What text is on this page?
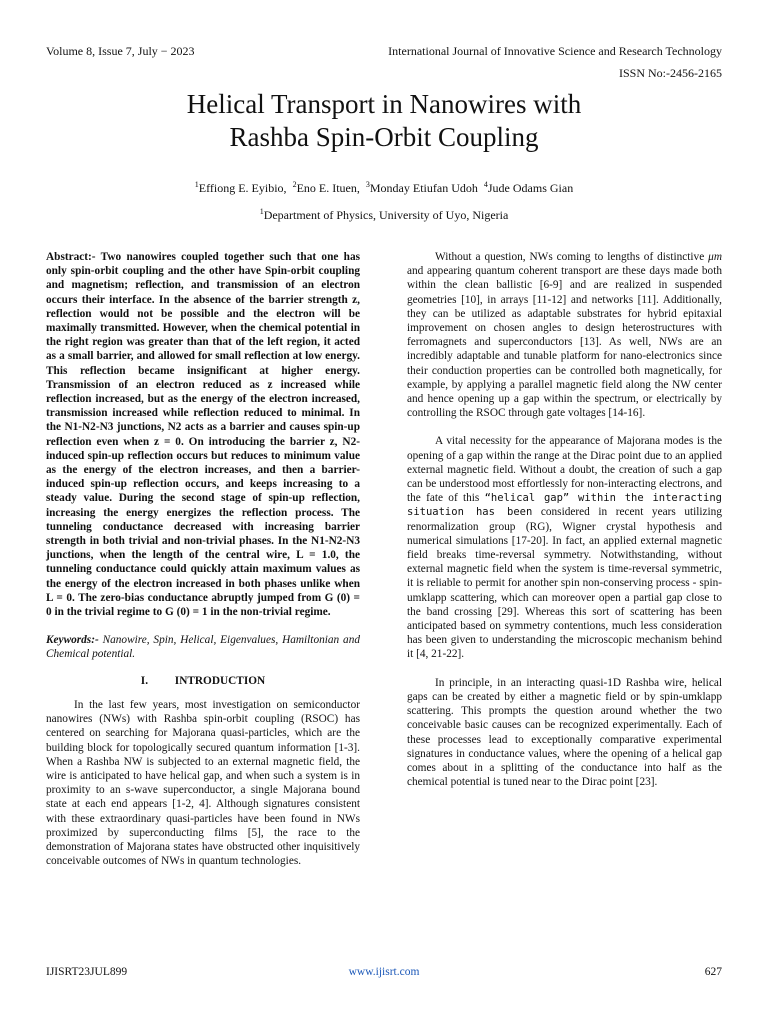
Volume 8, Issue 7, July − 2023	International Journal of Innovative Science and Research Technology
ISSN No:-2456-2165
Helical Transport in Nanowires with
Rashba Spin-Orbit Coupling
$^1$Effiong E. Eyibio, $^2$Eno E. Ituen, $^3$Monday Etiufan Udoh $^4$Jude Odams Gian
$^1$Department of Physics, University of Uyo, Nigeria

Abstract:- Two nanowires coupled together such that one has only spin-orbit coupling and the other have Spin-orbit coupling and magnetism; reflection, and transmission of an electron occurs their interface. In the absence of the barrier strength z, reflection would not be possible and the electron will be maximally transmitted. However, when the chemical potential in the right region was greater than that of the left region, it acted as a small barrier, and allowed for small reflection at low energy. This reflection became insignificant at higher energy. Transmission of an electron reduced as z increased while reflection increased, but as the energy of the electron increased, transmission increased while reflection reduced to minimal. In the N1-N2-N3 junctions, N2 acts as a barrier and causes spin-up reflection even when z = 0. On introducing the barrier z, N2-induced spin-up reflection occurs but reduces to minimum value as the energy of the electron increases, and then a barrier-induced spin-up reflection occurs, and keeps increasing to a steady value. During the second stage of spin-up reflection, increasing the energy energizes the reflection process. The tunneling conductance decreased with increasing barrier strength in both trivial and non-trivial phases. In the N1-N2-N3 junctions, when the length of the central wire, L = 1.0, the tunneling conductance could quickly attain maximum values as the energy of the electron increased in both phases unlike when L = 0. The zero-bias conductance abruptly jumped from G (0) = 0 in the trivial regime to G (0) = 1 in the non-trivial regime.

Keywords:- Nanowire, Spin, Helical, Eigenvalues, Hamiltonian and Chemical potential.

I. INTRODUCTION

In the last few years, most investigation on semiconductor nanowires (NWs) with Rashba spin-orbit coupling (RSOC) has centered on searching for Majorana quasi-particles, which are the building block for topologically secured quantum information [1-3]. When a Rashba NW is subjected to an external magnetic field, the wire is anticipated to have helical gap, and when such a system is in proximity to an s-wave superconductor, a single Majorana bound state at each end appears [1-2, 4]. Although signatures consistent with these extraordinary quasi-particles have been found in NWs proximized by superconducting films [5], the race to the demonstration of Majorana states have obstructed other inquisitively conceivable outcomes of NWs in quantum technologies.

Without a question, NWs coming to lengths of distinctive μm and appearing quantum coherent transport are these days made both within the clean ballistic [6-9] and are realized in suspended geometries [10], in arrays [11-12] and networks [11]. Additionally, they can be utilized as adaptable substrates for hybrid epitaxial improvement on chosen angles to design heterostructures with ferromagnets and superconductors [13]. As well, NWs are an incredibly adaptable and tunable platform for nano-electronics since their conduction properties can be controlled both magnetically, for example, by applying a parallel magnetic field along the NW center and hence opening up a gap within the spectrum, or electrically by controlling the RSOC through gate voltages [14-16].

A vital necessity for the appearance of Majorana modes is the opening of a gap within the range at the Dirac point due to an applied external magnetic field. Without a doubt, the creation of such a gap can be understood most effortlessly for non-interacting electrons, and the fate of this “helical gap” within the interacting situation has been considered in recent years utilizing renormalization group (RG), Wigner crystal hypothesis and numerical simulations [17-20]. In fact, an applied external magnetic field breaks time-reversal symmetry. Notwithstanding, without external magnetic field when the system is time-reversal symmetric, it is reliable to permit for another spin non-conserving process - spin-umklapp scattering, which can moreover open a partial gap close to the band crossing [29]. Whereas this sort of scattering has been anticipated based on symmetry contentions, much less consideration has been given to understanding the microscopic mechanism behind it [4, 21-22].

In principle, in an interacting quasi-1D Rashba wire, helical gaps can be created by either a magnetic field or by spin-umklapp scattering. This prompts the question around whether the two conceivable basic causes can be recognized experimentally. Each of these processes lead to exceptionally comparative experimental signatures in conductance values, where the opening of a helical gap comes about in a splitting of the conductance into half as the chemical potential is tuned near to the Dirac point [23].

IJISRT23JUL899	www.ijisrt.com	627
